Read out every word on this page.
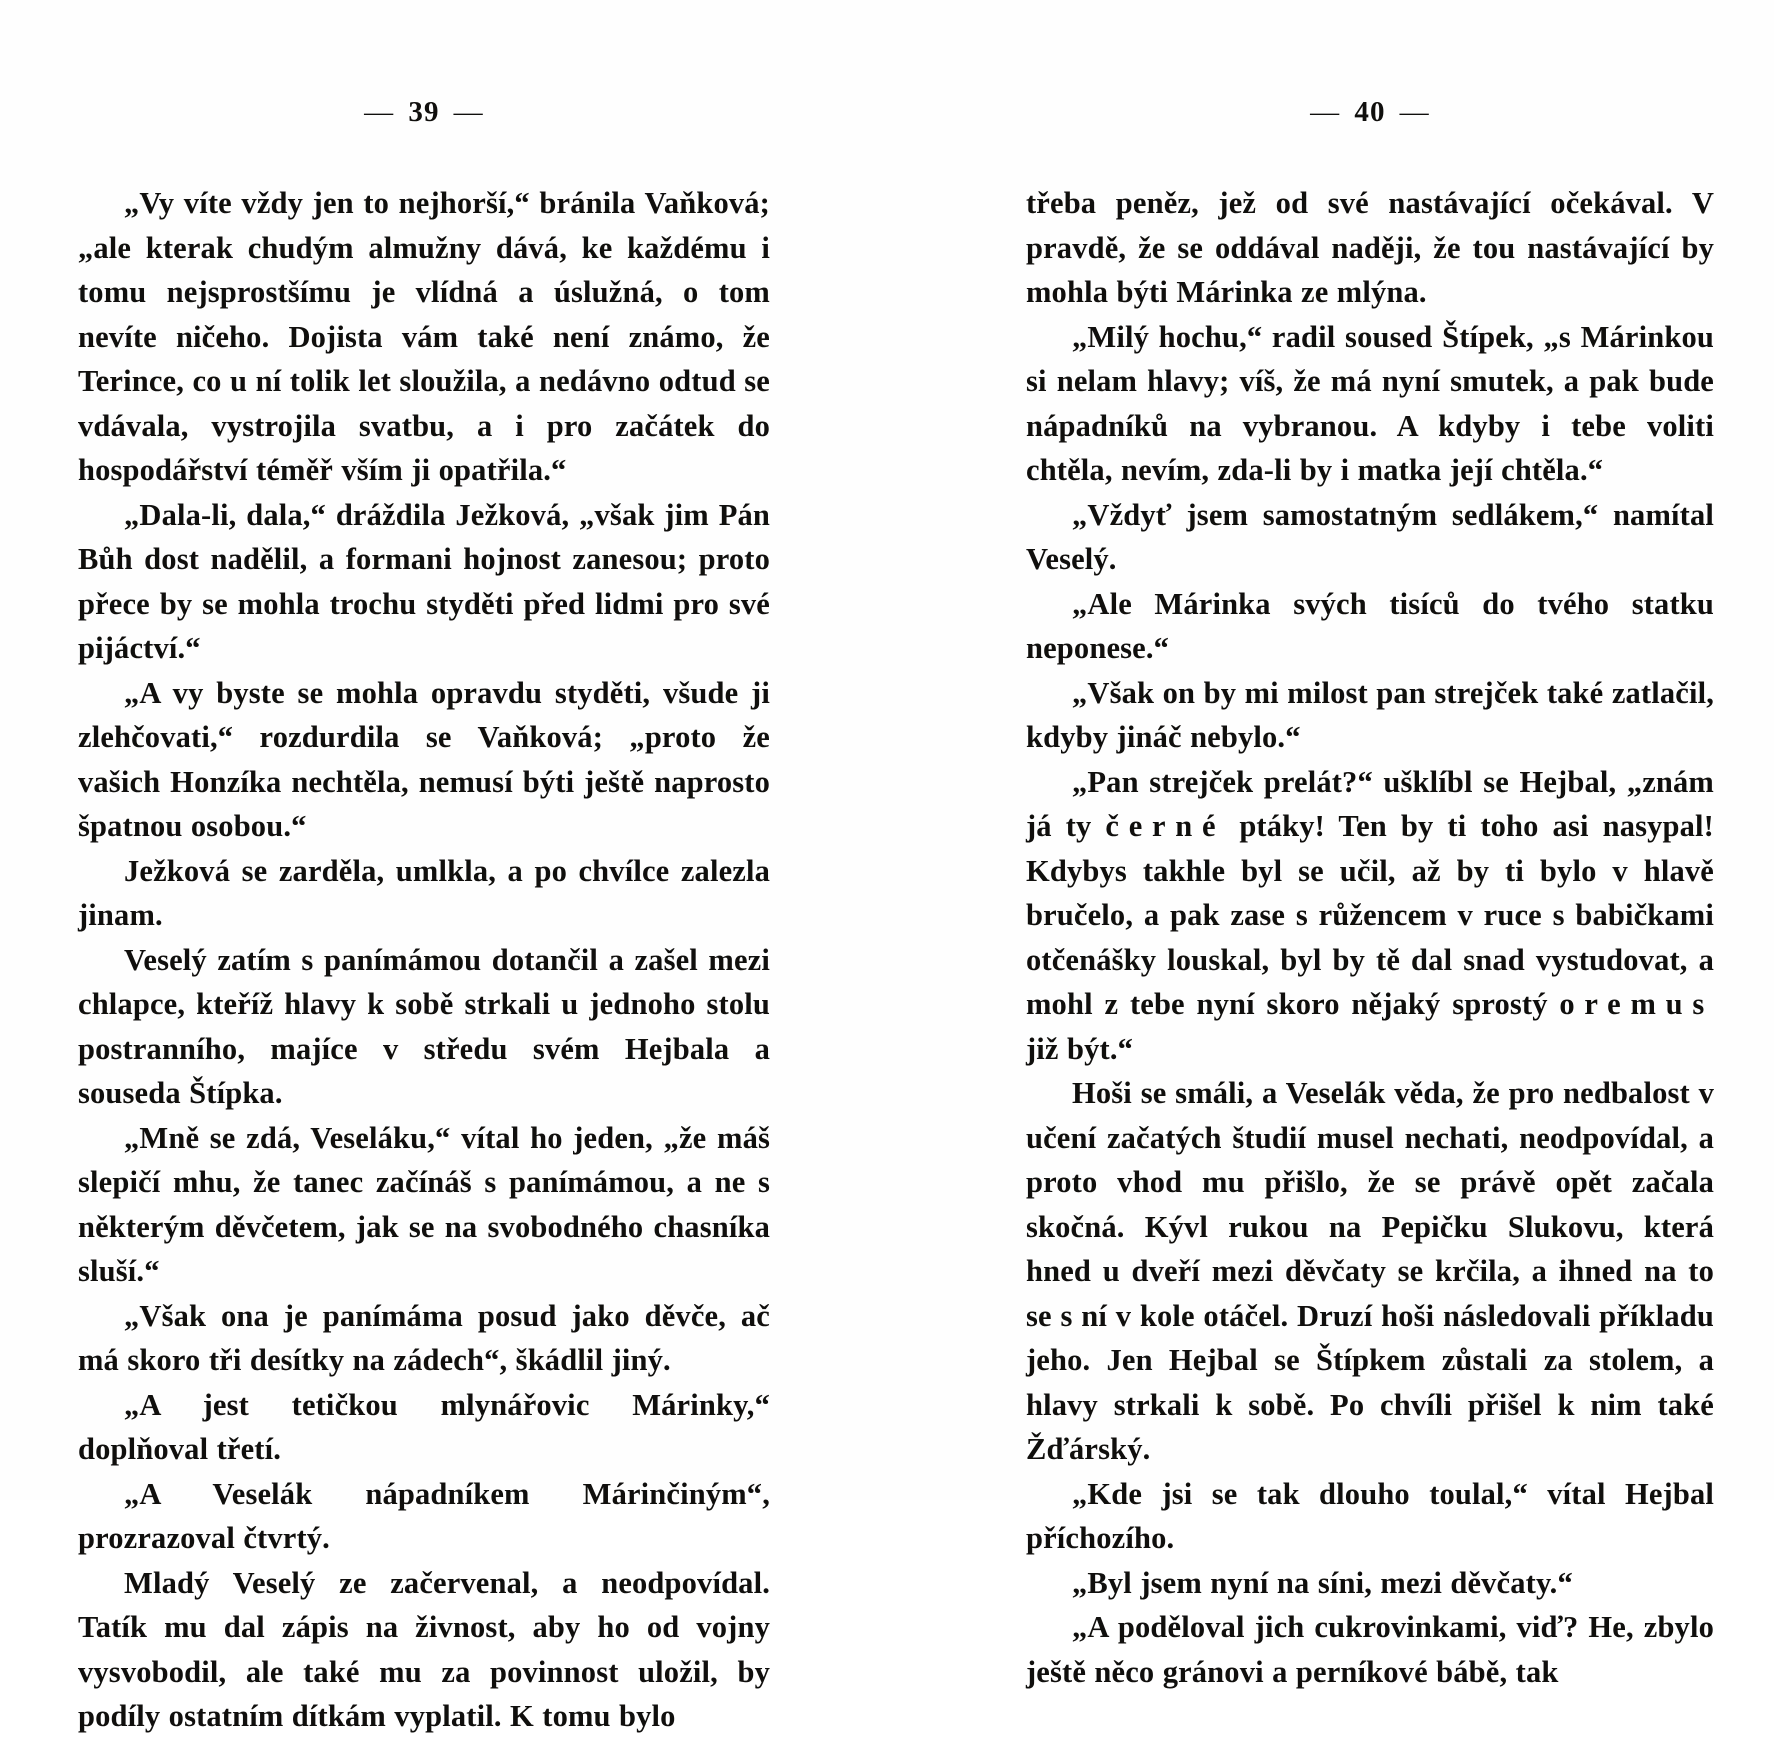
— 39 —

„Vy víte vždy jen to nejhorší,“ bránila Vaňková; „ale kterak chudým almužny dává, ke každému i tomu nejsprostšímu je vlídná a úslužná, o tom nevíte ničeho. Dojista vám také není známo, že Terince, co u ní tolik let sloužila, a nedávno odtud se vdávala, vystrojila svatbu, a i pro začátek do hospodářství téměř vším ji opatřila.“

„Dala-li, dala,“ dráždila Ježková, „však jim Pán Bůh dost nadělil, a formani hojnost zanesou; proto přece by se mohla trochu styděti před lidmi pro své pijáctví.“

„A vy byste se mohla opravdu styděti, všude ji zlehčovati,“ rozdurdila se Vaňková; „proto že vašich Honzíka nechtěla, nemusí býti ještě naprosto špatnou osobou.“

Ježková se zarděla, umlkla, a po chvílce zalezla jinam.

Veselý zatím s panímámou dotančil a zašel mezi chlapce, kteříž hlavy k sobě strkali u jednoho stolu postranního, majíce v středu svém Hejbala a souseda Štípka.

„Mně se zdá, Veseláku,“ vítal ho jeden, „že máš slepičí mhu, že tanec začínáš s panímámou, a ne s některým děvčetem, jak se na svobodného chasníka sluší.“

„Však ona je panímáma posud jako děvče, ač má skoro tři desítky na zádech“, škádlil jiný.

„A jest tetičkou mlynářovic Márinky,“ doplňoval třetí.

„A Veselák nápadníkem Márinčiným“, prozrazoval čtvrtý.

Mladý Veselý ze začervenal, a neodpovídal. Tatík mu dal zápis na živnost, aby ho od vojny vysvobodil, ale také mu za povinnost uložil, by podíly ostatním dítkám vyplatil. K tomu bylo

— 40 —

třeba peněz, jež od své nastávající očekával. V pravdě, že se oddával naději, že tou nastávající by mohla býti Márinka ze mlýna.

„Milý hochu,“ radil soused Štípek, „s Márinkou si nelam hlavy; víš, že má nyní smutek, a pak bude nápadníků na vybranou. A kdyby i tebe voliti chtěla, nevím, zda-li by i matka její chtěla.“

„Vždyť jsem samostatným sedlákem,“ namítal Veselý.

„Ale Márinka svých tisíců do tvého statku neponese.“

„Však on by mi milost pan strejček také zatlačil, kdyby jináč nebylo.“

„Pan strejček prelát?“ ušklíbl se Hejbal, „znám já ty černé ptáky! Ten by ti toho asi nasypal! Kdybys takhle byl se učil, až by ti bylo v hlavě bručelo, a pak zase s růžencem v ruce s babičkami otčenášky louskal, byl by tě dal snad vystudovat, a mohl z tebe nyní skoro nějaký sprostý oremus již být.“

Hoši se smáli, a Veselák věda, že pro nedbalost v učení začatých študií musel nechati, neodpovídal, a proto vhod mu přišlo, že se právě opět začala skočná. Kývl rukou na Pepičku Slukovu, která hned u dveří mezi děvčaty se krčila, a ihned na to se s ní v kole otáčel. Druzí hoši následovali příkladu jeho. Jen Hejbal se Štípkem zůstali za stolem, a hlavy strkali k sobě. Po chvíli přišel k nim také Žďárský.

„Kde jsi se tak dlouho toulal,“ vítal Hejbal příchozího.

„Byl jsem nyní na síni, mezi děvčaty.“

„A poděloval jich cukrovinkami, viď? He, zbylo ještě něco gránovi a perníkové bábě, tak
